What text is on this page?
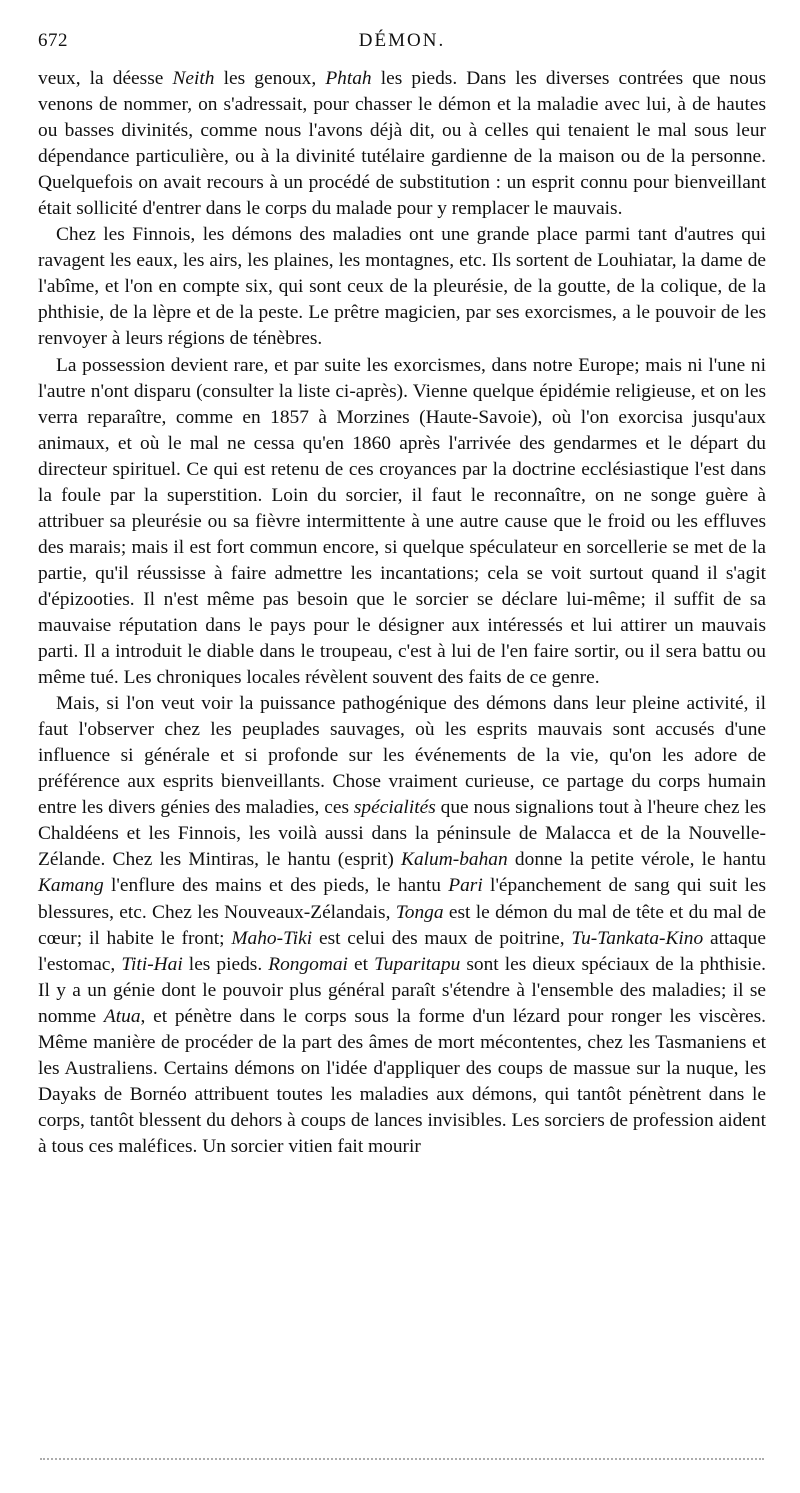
672	DÉMON.

veux, la déesse Neith les genoux, Phtah les pieds. Dans les diverses contrées que nous venons de nommer, on s'adressait, pour chasser le démon et la maladie avec lui, à de hautes ou basses divinités, comme nous l'avons déjà dit, ou à celles qui tenaient le mal sous leur dépendance particulière, ou à la divinité tutélaire gardienne de la maison ou de la personne. Quelquefois on avait recours à un procédé de substitution : un esprit connu pour bienveillant était sollicité d'entrer dans le corps du malade pour y remplacer le mauvais.

Chez les Finnois, les démons des maladies ont une grande place parmi tant d'autres qui ravagent les eaux, les airs, les plaines, les montagnes, etc. Ils sortent de Louhiatar, la dame de l'abîme, et l'on en compte six, qui sont ceux de la pleurésie, de la goutte, de la colique, de la phthisie, de la lèpre et de la peste. Le prêtre magicien, par ses exorcismes, a le pouvoir de les renvoyer à leurs régions de ténèbres.

La possession devient rare, et par suite les exorcismes, dans notre Europe; mais ni l'une ni l'autre n'ont disparu (consulter la liste ci-après). Vienne quelque épidémie religieuse, et on les verra reparaître, comme en 1857 à Morzines (Haute-Savoie), où l'on exorcisa jusqu'aux animaux, et où le mal ne cessa qu'en 1860 après l'arrivée des gendarmes et le départ du directeur spirituel. Ce qui est retenu de ces croyances par la doctrine ecclésiastique l'est dans la foule par la superstition. Loin du sorcier, il faut le reconnaître, on ne songe guère à attribuer sa pleurésie ou sa fièvre intermittente à une autre cause que le froid ou les effluves des marais; mais il est fort commun encore, si quelque spéculateur en sorcellerie se met de la partie, qu'il réussisse à faire admettre les incantations; cela se voit surtout quand il s'agit d'épizooties. Il n'est même pas besoin que le sorcier se déclare lui-même; il suffit de sa mauvaise réputation dans le pays pour le désigner aux intéressés et lui attirer un mauvais parti. Il a introduit le diable dans le troupeau, c'est à lui de l'en faire sortir, ou il sera battu ou même tué. Les chroniques locales révèlent souvent des faits de ce genre.

Mais, si l'on veut voir la puissance pathogénique des démons dans leur pleine activité, il faut l'observer chez les peuplades sauvages, où les esprits mauvais sont accusés d'une influence si générale et si profonde sur les événements de la vie, qu'on les adore de préférence aux esprits bienveillants. Chose vraiment curieuse, ce partage du corps humain entre les divers génies des maladies, ces spécialités que nous signalions tout à l'heure chez les Chaldéens et les Finnois, les voilà aussi dans la péninsule de Malacca et de la Nouvelle-Zélande. Chez les Mintiras, le hantu (esprit) Kalum-bahan donne la petite vérole, le hantu Kamang l'enflure des mains et des pieds, le hantu Pari l'épanchement de sang qui suit les blessures, etc. Chez les Nouveaux-Zélandais, Tonga est le démon du mal de tête et du mal de cœur; il habite le front; Maho-Tiki est celui des maux de poitrine, Tu-Tankata-Kino attaque l'estomac, Titi-Hai les pieds. Rongomai et Tuparitapu sont les dieux spéciaux de la phthisie. Il y a un génie dont le pouvoir plus général paraît s'étendre à l'ensemble des maladies; il se nomme Atua, et pénètre dans le corps sous la forme d'un lézard pour ronger les viscères. Même manière de procéder de la part des âmes de mort mécontentes, chez les Tasmaniens et les Australiens. Certains démons on l'idée d'appliquer des coups de massue sur la nuque, les Dayaks de Bornéo attribuent toutes les maladies aux démons, qui tantôt pénètrent dans le corps, tantôt blessent du dehors à coups de lances invisibles. Les sorciers de profession aident à tous ces maléfices. Un sorcier vitien fait mourir
